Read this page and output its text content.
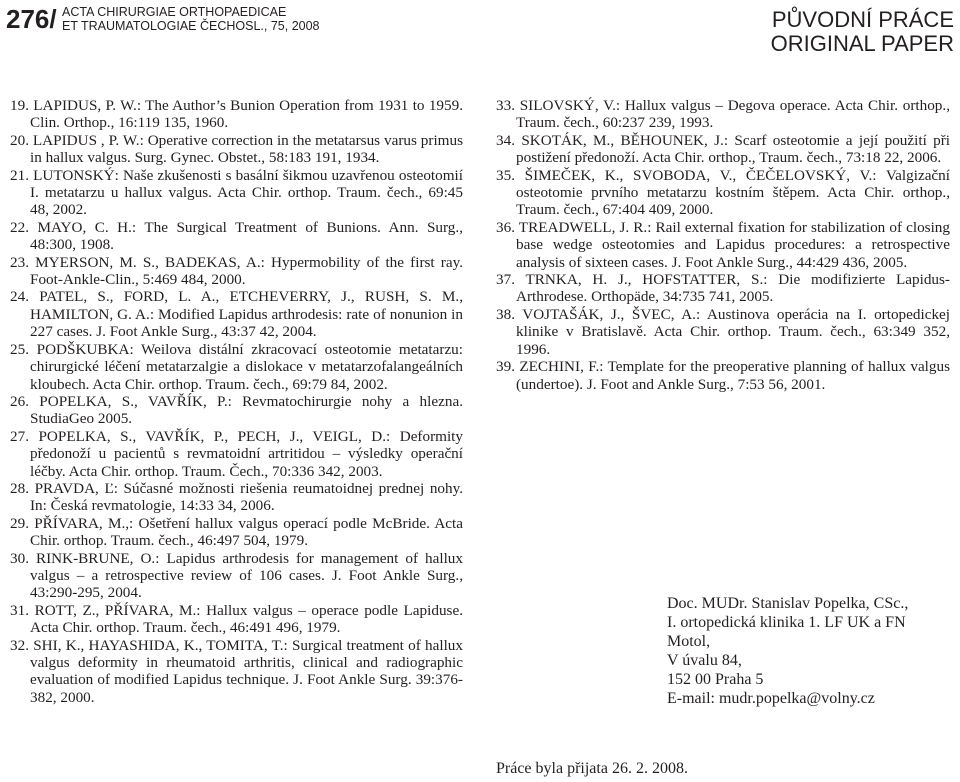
276/ ACTA CHIRURGIAE ORTHOPAEDICAE
ET TRAUMATOLOGIAE ČECHOSL., 75, 2008	PŮVODNÍ PRÁCE
ORIGINAL PAPER

19. LAPIDUS, P. W.: The Author’s Bunion Operation from 1931 to 1959. Clin. Orthop., 16:119 135, 1960.

20. LAPIDUS , P. W.: Operative correction in the metatarsus varus primus in hallux valgus. Surg. Gynec. Obstet., 58:183 191, 1934.

21. LUTONSKÝ: Naše zkušenosti s basální šikmou uzavřenou osteotomií I. metatarzu u hallux valgus. Acta Chir. orthop. Traum. čech., 69:45 48, 2002.

22. MAYO, C. H.: The Surgical Treatment of Bunions. Ann. Surg., 48:300, 1908.

23. MYERSON, M. S., BADEKAS, A.: Hypermobility of the first ray. Foot-Ankle-Clin., 5:469 484, 2000.

24. PATEL, S., FORD, L. A., ETCHEVERRY, J., RUSH, S. M., HAMILTON, G. A.: Modified Lapidus arthrodesis: rate of nonunion in 227 cases. J. Foot Ankle Surg., 43:37 42, 2004.

25. PODŠKUBKA: Weilova distální zkracovací osteotomie metatarzu: chirurgické léčení metatarzalgie a dislokace v metatarzofalangeálních kloubech. Acta Chir. orthop. Traum. čech., 69:79 84, 2002.

26. POPELKA, S., VAVŘÍK, P.: Revmatochirurgie nohy a hlezna. StudiaGeo 2005.

27. POPELKA, S., VAVŘÍK, P., PECH, J., VEIGL, D.: Deformity předonoží u pacientů s revmatoidní artritidou – výsledky operační léčby. Acta Chir. orthop. Traum. Čech., 70:336 342, 2003.

28. PRAVDA, Ľ: Súčasné možnosti riešenia reumatoidnej prednej nohy. In: Česká revmatologie, 14:33 34, 2006.

29. PŘÍVARA, M.,: Ošetření hallux valgus operací podle McBride. Acta Chir. orthop. Traum. čech., 46:497 504, 1979.

30. RINK-BRUNE, O.: Lapidus arthrodesis for management of hallux valgus – a retrospective review of 106 cases. J. Foot Ankle Surg., 43:290-295, 2004.

31. ROTT, Z., PŘÍVARA, M.: Hallux valgus – operace podle Lapiduse. Acta Chir. orthop. Traum. čech., 46:491 496, 1979.

32. SHI, K., HAYASHIDA, K., TOMITA, T.: Surgical treatment of hallux valgus deformity in rheumatoid arthritis, clinical and radiographic evaluation of modified Lapidus technique. J. Foot Ankle Surg. 39:376-382, 2000.

33. SILOVSKÝ, V.: Hallux valgus – Degova operace. Acta Chir. orthop., Traum. čech., 60:237 239, 1993.

34. SKOTÁK, M., BĚHOUNEK, J.: Scarf osteotomie a její použití při postižení předonoží. Acta Chir. orthop., Traum. čech., 73:18 22, 2006.

35. ŠIMEČEK, K., SVOBODA, V., ČEČELOVSKÝ, V.: Valgizační osteotomie prvního metatarzu kostním štěpem. Acta Chir. orthop., Traum. čech., 67:404 409, 2000.

36. TREADWELL, J. R.: Rail external fixation for stabilization of closing base wedge osteotomies and Lapidus procedures: a retrospective analysis of sixteen cases. J. Foot Ankle Surg., 44:429 436, 2005.

37. TRNKA, H. J., HOFSTATTER, S.: Die modifizierte Lapidus-Arthrodese. Orthopäde, 34:735 741, 2005.

38. VOJTAŠÁK, J., ŠVEC, A.: Austinova operácia na I. ortopedickej klinike v Bratislavě. Acta Chir. orthop. Traum. čech., 63:349 352, 1996.

39. ZECHINI, F.: Template for the preoperative planning of hallux valgus (undertoe). J. Foot and Ankle Surg., 7:53 56, 2001.

Doc. MUDr. Stanislav Popelka, CSc.,
I. ortopedická klinika 1. LF UK a FN
Motol,
V úvalu 84,
152 00 Praha 5
E-mail: mudr.popelka@volny.cz
Práce byla přijata 26. 2. 2008.
